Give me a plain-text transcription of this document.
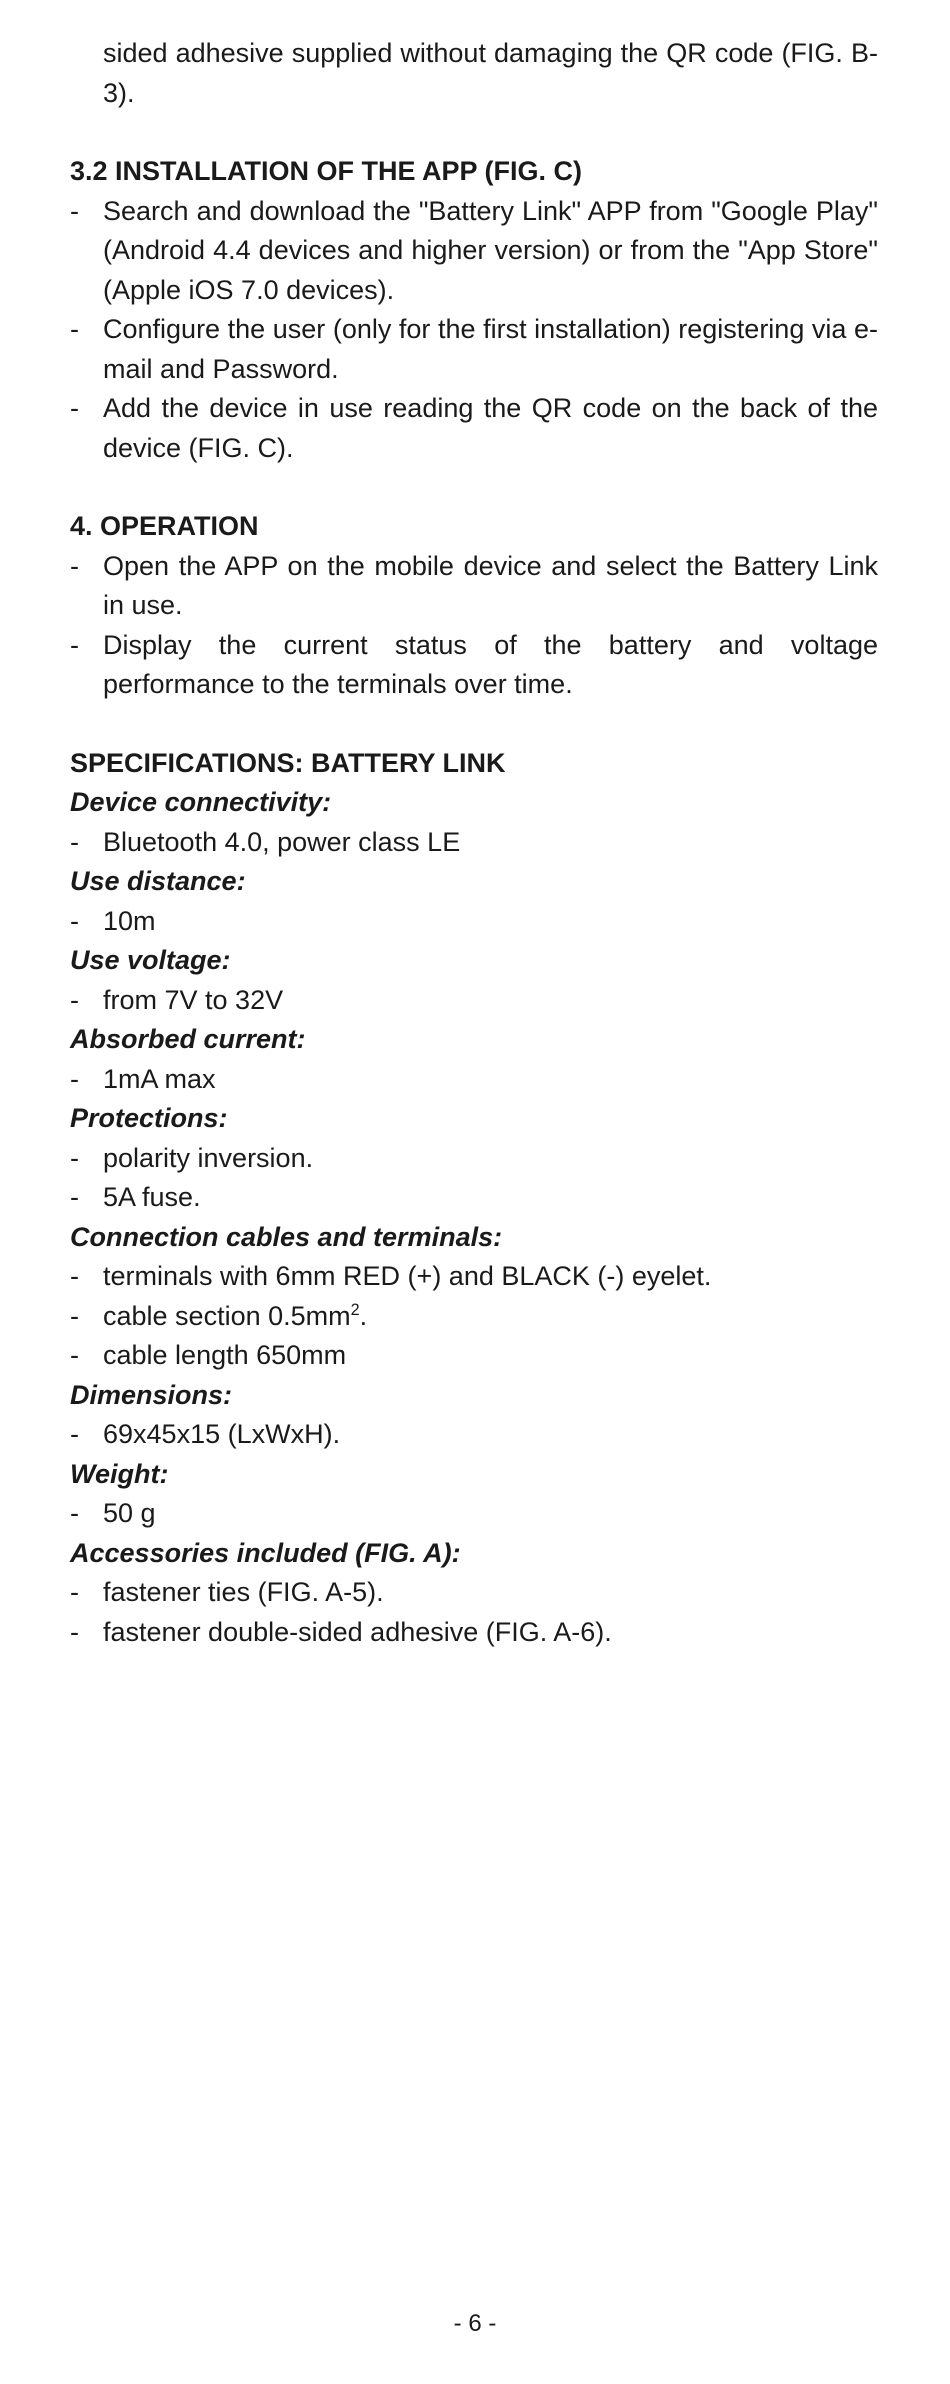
sided adhesive supplied without damaging the QR code (FIG. B-3).

3.2 INSTALLATION OF THE APP (FIG. C)

- Search and download the "Battery Link" APP from "Google Play" (Android 4.4 devices and higher version) or from the "App Store" (Apple iOS 7.0 devices).

- Configure the user (only for the first installation) registering via e-mail and Password.

- Add the device in use reading the QR code on the back of the device (FIG. C).

4. OPERATION

- Open the APP on the mobile device and select the Battery Link in use.

- Display the current status of the battery and voltage performance to the terminals over time.

SPECIFICATIONS: BATTERY LINK

Device connectivity:

- Bluetooth 4.0, power class LE

Use distance:

- 10m

Use voltage:

- from 7V to 32V

Absorbed current:

- 1mA max

Protections:

- polarity inversion.

- 5A fuse.

Connection cables and terminals:

- terminals with 6mm RED (+) and BLACK (-) eyelet.

- cable section $0.5mm^2$.

- cable length 650mm

Dimensions:

- 69x45x15 (LxWxH).

Weight:

- 50 g

Accessories included (FIG. A):

- fastener ties (FIG. A-5).

- fastener double-sided adhesive (FIG. A-6).

- 6 -
